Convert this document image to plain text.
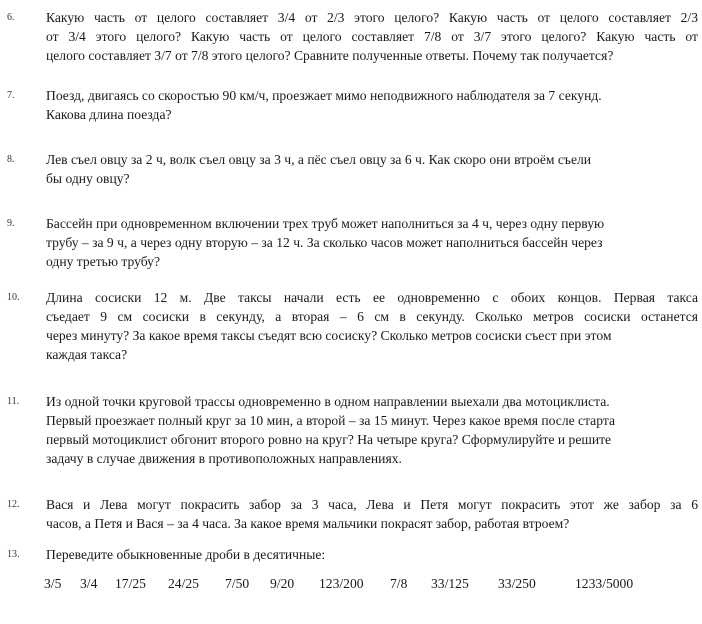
6. Какую часть от целого составляет 3/4 от 2/3 этого целого? Какую часть от целого составляет 2/3
от 3/4 этого целого? Какую часть от целого составляет 7/8 от 3/7 этого целого? Какую часть от
целого составляет 3/7 от 7/8 этого целого? Сравните полученные ответы. Почему так получается?
7. Поезд, двигаясь со скоростью 90 км/ч, проезжает мимо неподвижного наблюдателя за 7 секунд.
Какова длина поезда?
8. Лев съел овцу за 2 ч, волк съел овцу за 3 ч, а пёс съел овцу за 6 ч. Как скоро они втроём съели
бы одну овцу?
9. Бассейн при одновременном включении трех труб может наполниться за 4 ч, через одну первую
трубу – за 9 ч, а через одну вторую – за 12 ч. За сколько часов может наполниться бассейн через
одну третью трубу?
10. Длина сосиски 12 м. Две таксы начали есть ее одновременно с обоих концов. Первая такса
съедает 9 см сосиски в секунду, а вторая – 6 см в секунду. Сколько метров сосиски останется
через минуту? За какое время таксы съедят всю сосиску? Сколько метров сосиски съест при этом
каждая такса?
11. Из одной точки круговой трассы одновременно в одном направлении выехали два мотоциклиста.
Первый проезжает полный круг за 10 мин, а второй – за 15 минут. Через какое время после старта
первый мотоциклист обгонит второго ровно на круг? На четыре круга? Сформулируйте и решите
задачу в случае движения в противоположных направлениях.
12. Вася и Лева могут покрасить забор за 3 часа, Лева и Петя могут покрасить этот же забор за 6
часов, а Петя и Вася – за 4 часа. За какое время мальчики покрасят забор, работая втроем?
13. Переведите обыкновенные дроби в десятичные:
3/5 3/4 17/25 24/25 7/50 9/20 123/200 7/8 33/125 33/250	1233/5000
